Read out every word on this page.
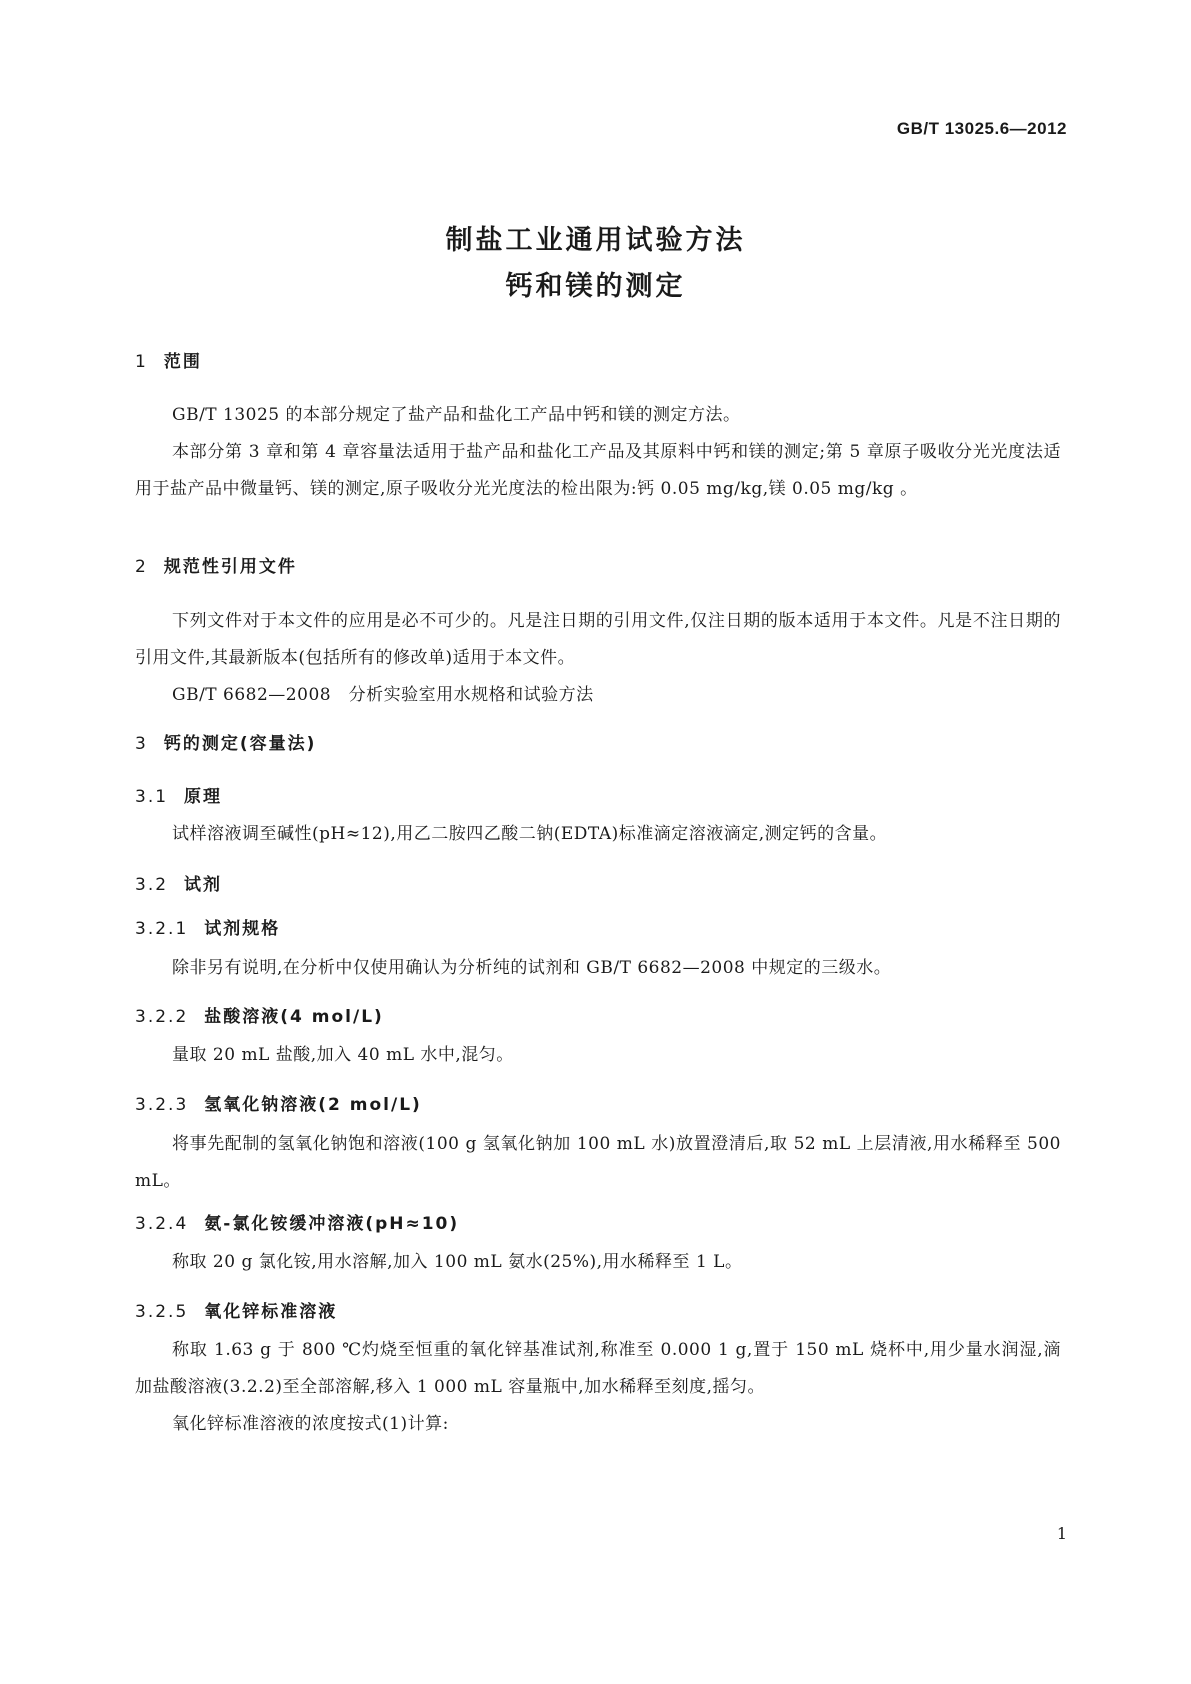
GB/T 13025.6—2012
制盐工业通用试验方法
钙和镁的测定
1 范围
GB/T 13025 的本部分规定了盐产品和盐化工产品中钙和镁的测定方法。
本部分第 3 章和第 4 章容量法适用于盐产品和盐化工产品及其原料中钙和镁的测定;第 5 章原子吸收分光光度法适用于盐产品中微量钙、镁的测定,原子吸收分光光度法的检出限为:钙 0.05 mg/kg,镁 0.05 mg/kg 。
2 规范性引用文件
下列文件对于本文件的应用是必不可少的。凡是注日期的引用文件,仅注日期的版本适用于本文件。凡是不注日期的引用文件,其最新版本(包括所有的修改单)适用于本文件。
GB/T 6682—2008　分析实验室用水规格和试验方法
3 钙的测定(容量法)
3.1 原理
试样溶液调至碱性(pH≈12),用乙二胺四乙酸二钠(EDTA)标准滴定溶液滴定,测定钙的含量。
3.2 试剂
3.2.1 试剂规格
除非另有说明,在分析中仅使用确认为分析纯的试剂和 GB/T 6682—2008 中规定的三级水。
3.2.2 盐酸溶液(4 mol/L)
量取 20 mL 盐酸,加入 40 mL 水中,混匀。
3.2.3 氢氧化钠溶液(2 mol/L)
将事先配制的氢氧化钠饱和溶液(100 g 氢氧化钠加 100 mL 水)放置澄清后,取 52 mL 上层清液,用水稀释至 500 mL。
3.2.4 氨-氯化铵缓冲溶液(pH≈10)
称取 20 g 氯化铵,用水溶解,加入 100 mL 氨水(25%),用水稀释至 1 L。
3.2.5 氧化锌标准溶液
称取 1.63 g 于 800 ℃灼烧至恒重的氧化锌基准试剂,称准至 0.000 1 g,置于 150 mL 烧杯中,用少量水润湿,滴加盐酸溶液(3.2.2)至全部溶解,移入 1 000 mL 容量瓶中,加水稀释至刻度,摇匀。
氧化锌标准溶液的浓度按式(1)计算:
1
